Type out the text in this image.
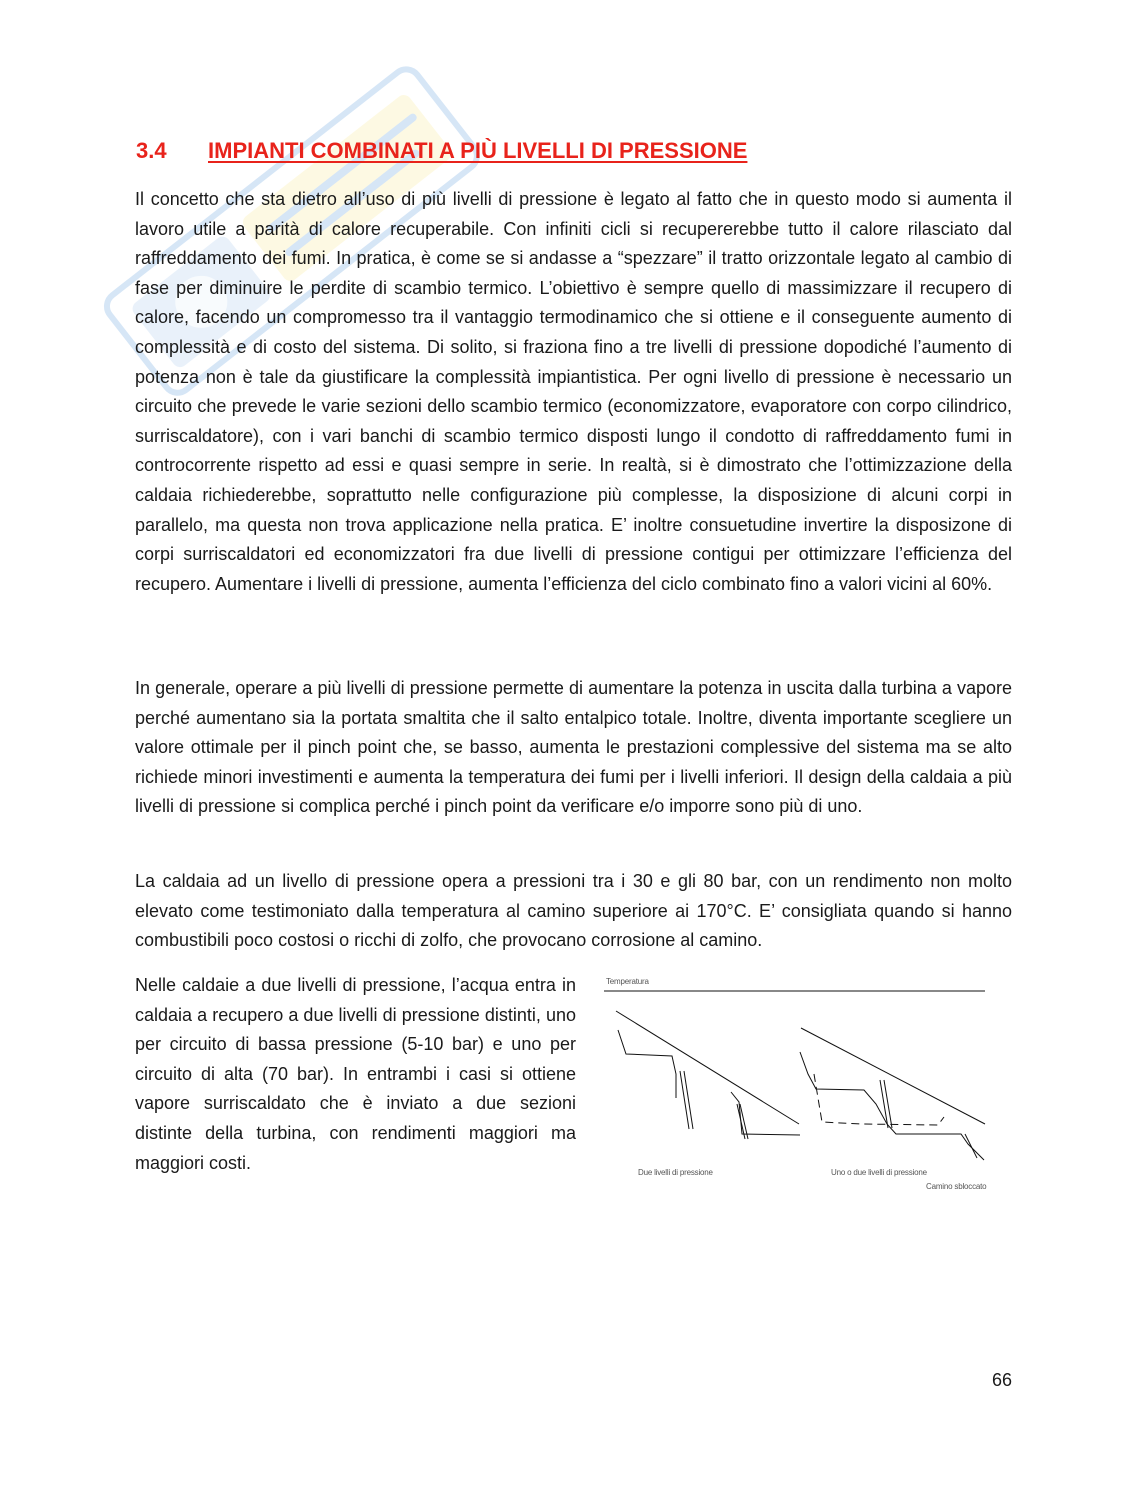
3.4 IMPIANTI COMBINATI A PIÙ LIVELLI DI PRESSIONE

Il concetto che sta dietro all’uso di più livelli di pressione è legato al fatto che in questo modo si aumenta il lavoro utile a parità di calore recuperabile. Con infiniti cicli si recupererebbe tutto il calore rilasciato dal raffreddamento dei fumi. In pratica, è come se si andasse a “spezzare” il tratto orizzontale legato al cambio di fase per diminuire le perdite di scambio termico. L’obiettivo è sempre quello di massimizzare il recupero di calore, facendo un compromesso tra il vantaggio termodinamico che si ottiene e il conseguente aumento di complessità e di costo del sistema. Di solito, si fraziona fino a tre livelli di pressione dopodiché l’aumento di potenza non è tale da giustificare la complessità impiantistica. Per ogni livello di pressione è necessario un circuito che prevede le varie sezioni dello scambio termico (economizzatore, evaporatore con corpo cilindrico, surriscaldatore), con i vari banchi di scambio termico disposti lungo il condotto di raffreddamento fumi in controcorrente rispetto ad essi e quasi sempre in serie. In realtà, si è dimostrato che l’ottimizzazione della caldaia richiederebbe, soprattutto nelle configurazione più complesse, la disposizione di alcuni corpi in parallelo, ma questa non trova applicazione nella pratica. E’ inoltre consuetudine invertire la disposizone di corpi surriscaldatori ed economizzatori fra due livelli di pressione contigui per ottimizzare l’efficienza del recupero. Aumentare i livelli di pressione, aumenta l’efficienza del ciclo combinato fino a valori vicini al 60%.

In generale, operare a più livelli di pressione permette di aumentare la potenza in uscita dalla turbina a vapore perché aumentano sia la portata smaltita che il salto entalpico totale. Inoltre, diventa importante scegliere un valore ottimale per il pinch point che, se basso, aumenta le prestazioni complessive del sistema ma se alto richiede minori investimenti e aumenta la temperatura dei fumi per i livelli inferiori. Il design della caldaia a più livelli di pressione si complica perché i pinch point da verificare e/o imporre sono più di uno.

La caldaia ad un livello di pressione opera a pressioni tra i 30 e gli 80 bar, con un rendimento non molto elevato come testimoniato dalla temperatura al camino superiore ai 170°C. E’ consigliata quando si hanno combustibili poco costosi o ricchi di zolfo, che provocano corrosione al camino.

Nelle caldaie a due livelli di pressione, l’acqua entra in caldaia a recupero a due livelli di pressione distinti, uno per circuito di bassa pressione (5-10 bar) e uno per circuito di alta (70 bar). In entrambi i casi si ottiene vapore surriscaldato che è inviato a due sezioni distinte della turbina, con rendimenti maggiori ma maggiori costi.

Temperatura
Due livelli di pressione	Uno o due livelli di pressione
Camino sbloccato
66
